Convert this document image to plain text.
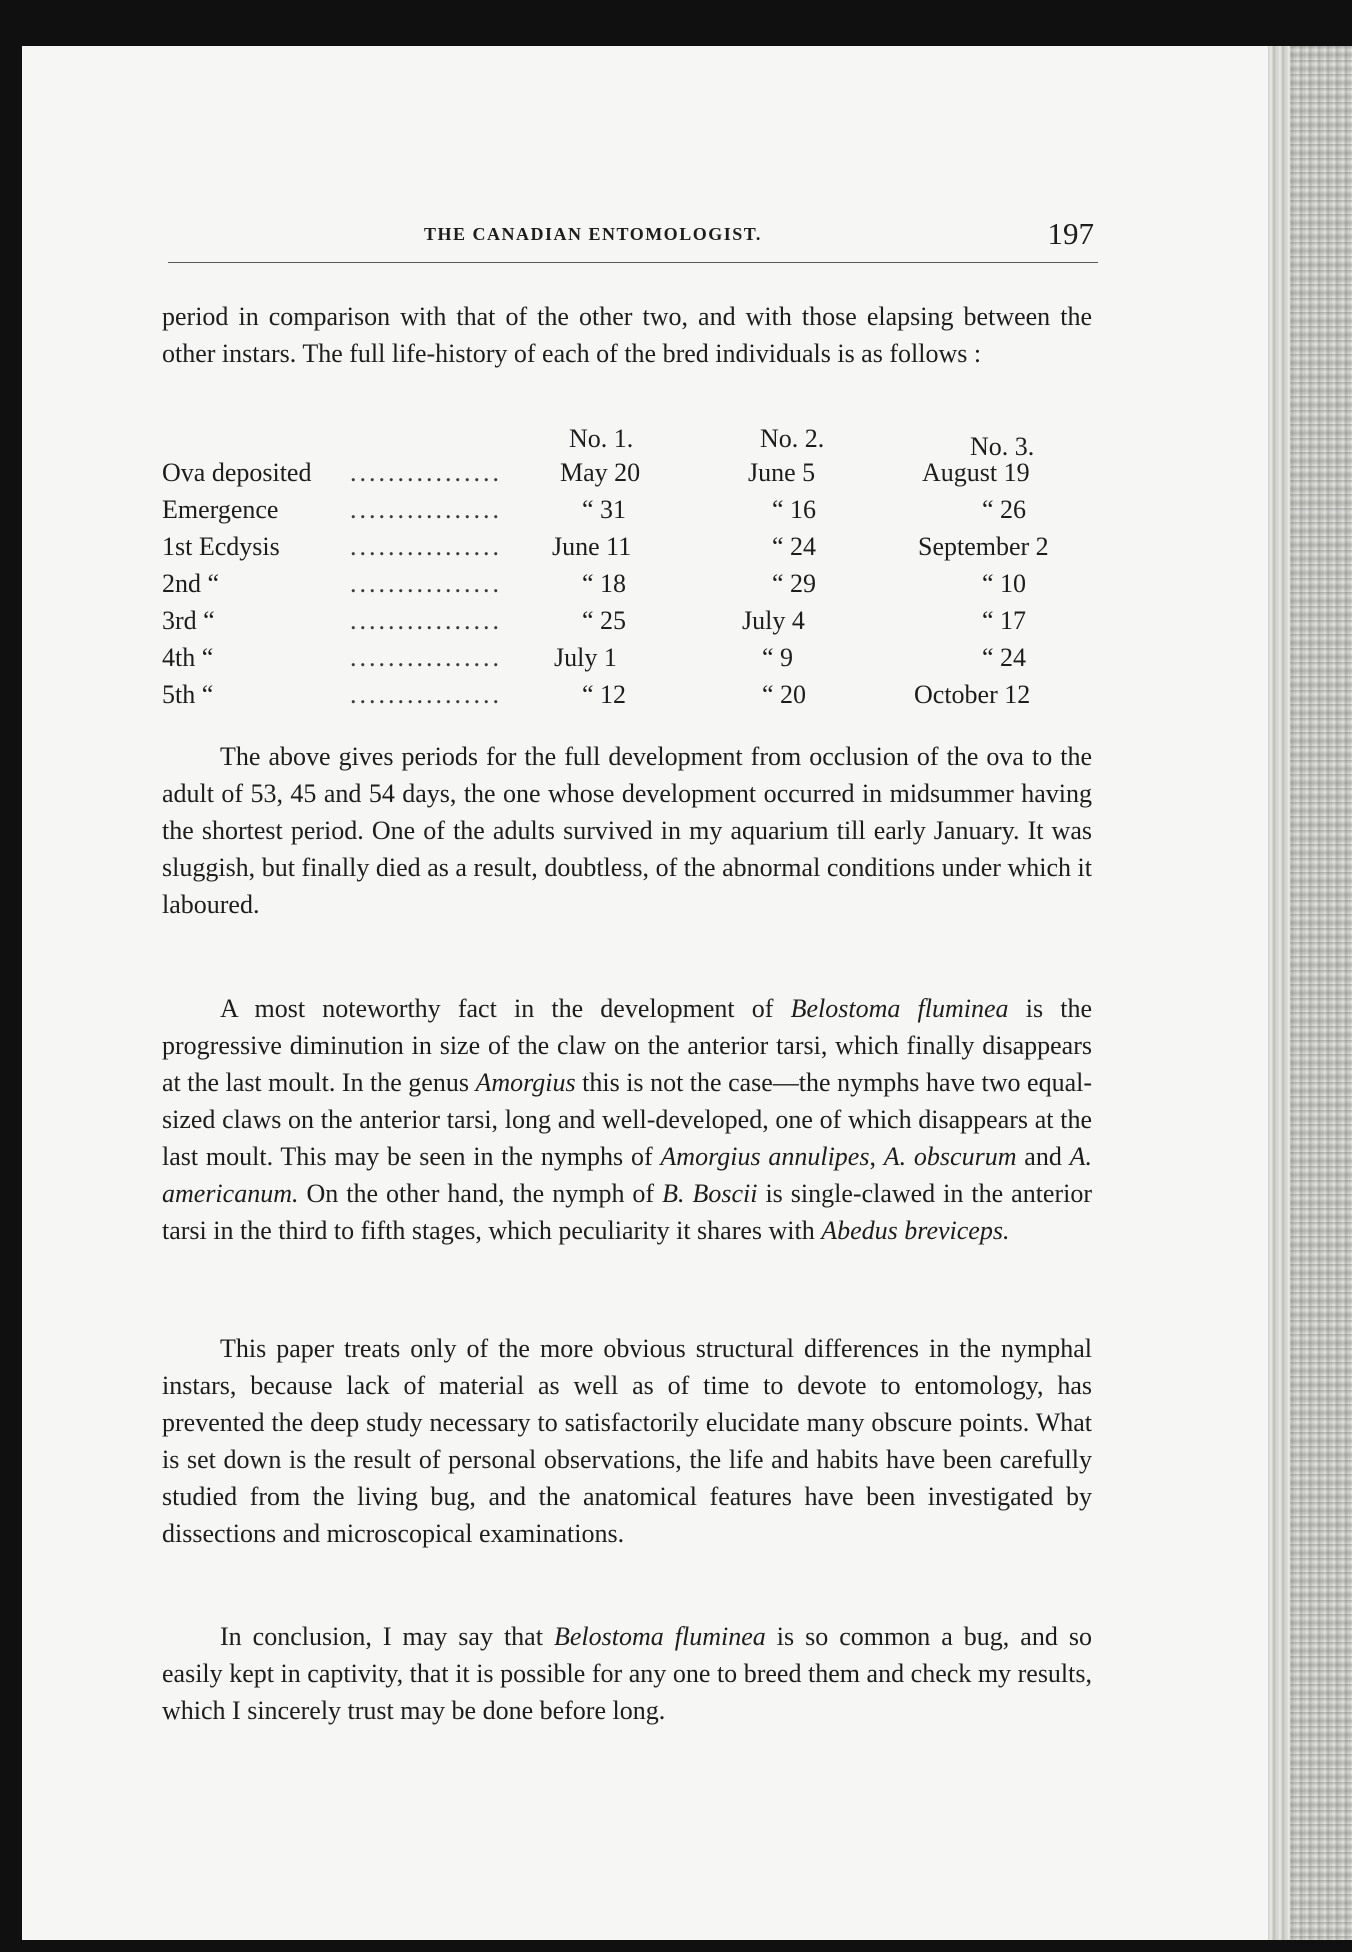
THE CANADIAN ENTOMOLOGIST.	197

period in comparison with that of the other two, and with those elapsing between the other instars. The full life-history of each of the bred individuals is as follows :

No. 1.	No. 2.	No. 3.
Ova deposited ................ May 20	June 5	August 19
Emergence	................	“ 31	“ 16	“ 26
1st Ecdysis	................ June 11	“ 24	September 2
2nd “	................	“ 18	“ 29	“ 10
3rd “	................	“ 25	July 4	“ 17
4th “	................ July 1	“ 9	“ 24
5th “	................	“ 12	“ 20	October 12

The above gives periods for the full development from occlusion of the ova to the adult of 53, 45 and 54 days, the one whose development occurred in midsummer having the shortest period. One of the adults survived in my aquarium till early January. It was sluggish, but finally died as a result, doubtless, of the abnormal conditions under which it laboured.

A most noteworthy fact in the development of Belostoma fluminea is the progressive diminution in size of the claw on the anterior tarsi, which finally disappears at the last moult. In the genus Amorgius this is not the case—the nymphs have two equal-sized claws on the anterior tarsi, long and well-developed, one of which disappears at the last moult. This may be seen in the nymphs of Amorgius annulipes, A. obscurum and A. americanum. On the other hand, the nymph of B. Boscii is single-clawed in the anterior tarsi in the third to fifth stages, which peculiarity it shares with Abedus breviceps.

This paper treats only of the more obvious structural differences in the nymphal instars, because lack of material as well as of time to devote to entomology, has prevented the deep study necessary to satisfactorily elucidate many obscure points. What is set down is the result of personal observations, the life and habits have been carefully studied from the living bug, and the anatomical features have been investigated by dissections and microscopical examinations.

In conclusion, I may say that Belostoma fluminea is so common a bug, and so easily kept in captivity, that it is possible for any one to breed them and check my results, which I sincerely trust may be done before long.
